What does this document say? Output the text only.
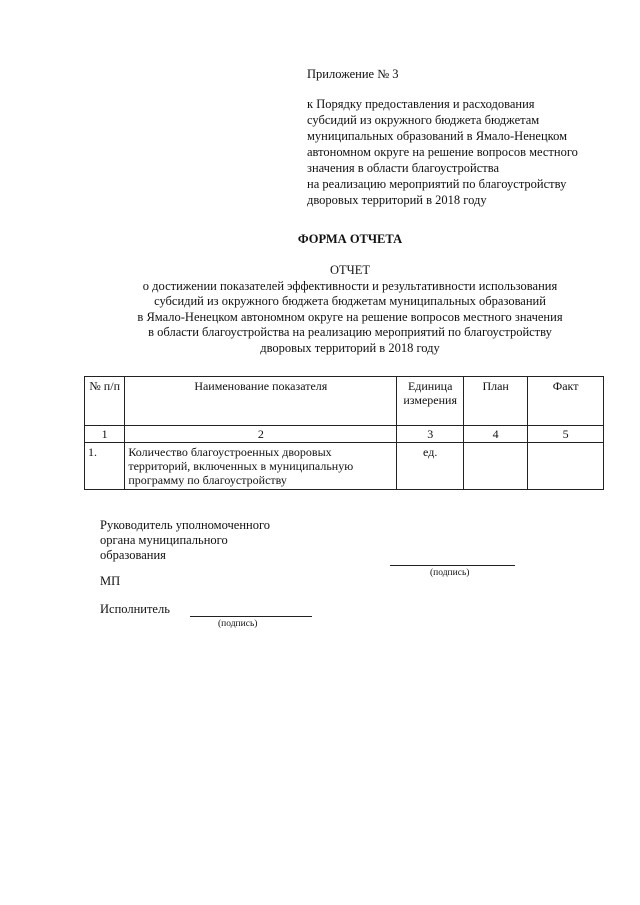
Приложение № 3
к Порядку предоставления и расходования
субсидий из окружного бюджета бюджетам
муниципальных образований в Ямало-Ненецком
автономном округе на решение вопросов местного
значения в области благоустройства
на реализацию мероприятий по благоустройству
дворовых территорий в 2018 году
ФОРМА ОТЧЕТА
ОТЧЕТ
о достижении показателей эффективности и результативности использования
субсидий из окружного бюджета бюджетам муниципальных образований
в Ямало-Ненецком автономном округе на решение вопросов местного значения
в области благоустройства на реализацию мероприятий по благоустройству
дворовых территорий в 2018 году
№ п/п	Наименование показателя	Единица измерения	План	Факт
1	2	3	4	5
1.	Количество благоустроенных дворовых территорий, включенных в муниципальную программу по благоустройству	ед.		
Руководитель уполномоченного
органа муниципального
образования
(подпись)
МП
Исполнитель
(подпись)
